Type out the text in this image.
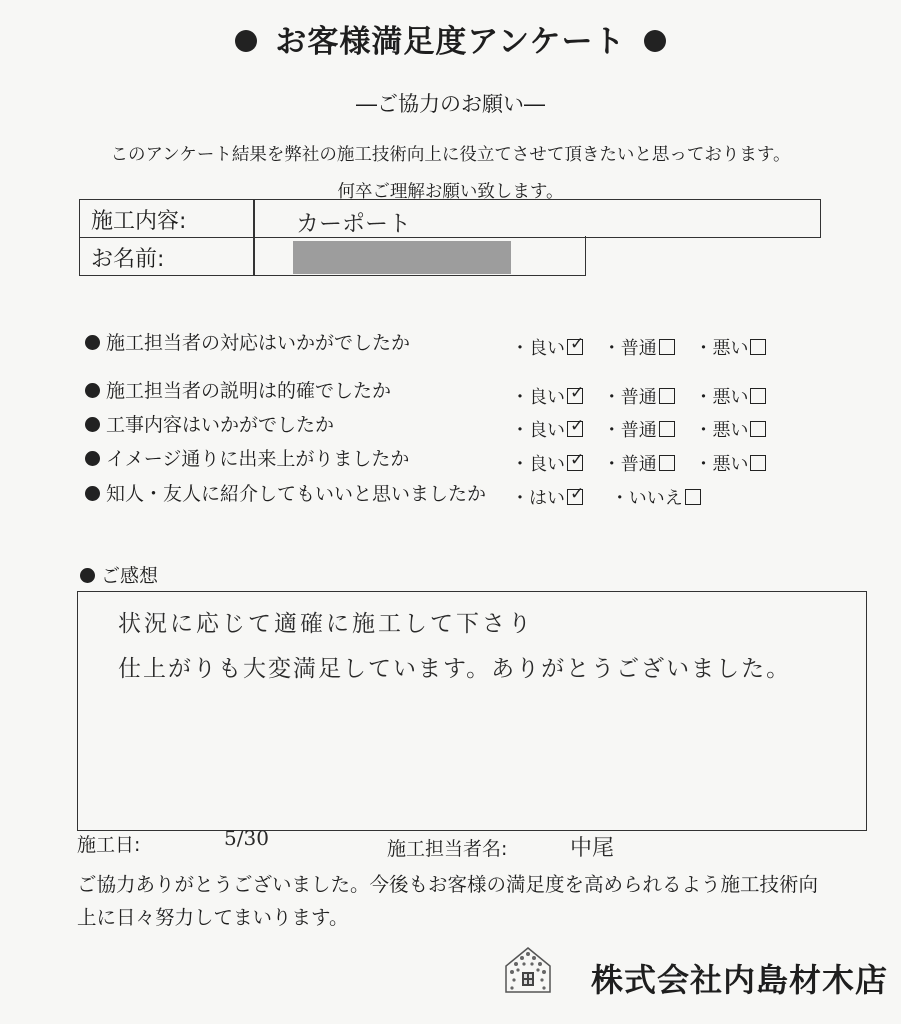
お客様満足度アンケート
―ご協力のお願い―
このアンケート結果を弊社の施工技術向上に役立てさせて頂きたいと思っております。
何卒ご理解お願い致します。
施工内容:	カーポート
お名前:
施工担当者の対応はいかがでしたか	・良い ✓ ・普通 ・悪い
施工担当者の説明は的確でしたか	・良い ✓ ・普通 ・悪い
工事内容はいかがでしたか	・良い ✓ ・普通 ・悪い
イメージ通りに出来上がりましたか	・良い ✓ ・普通 ・悪い
知人・友人に紹介してもいいと思いましたか ・はい ✓ ・いいえ
ご感想
状況に応じて適確に施工して下さり
仕上がりも大変満足しています。ありがとうございました。
施工日:	5/30	施工担当者名:	中尾
ご協力ありがとうございました。今後もお客様の満足度を高められるよう施工技術向
上に日々努力してまいります。
株式会社内島材木店
